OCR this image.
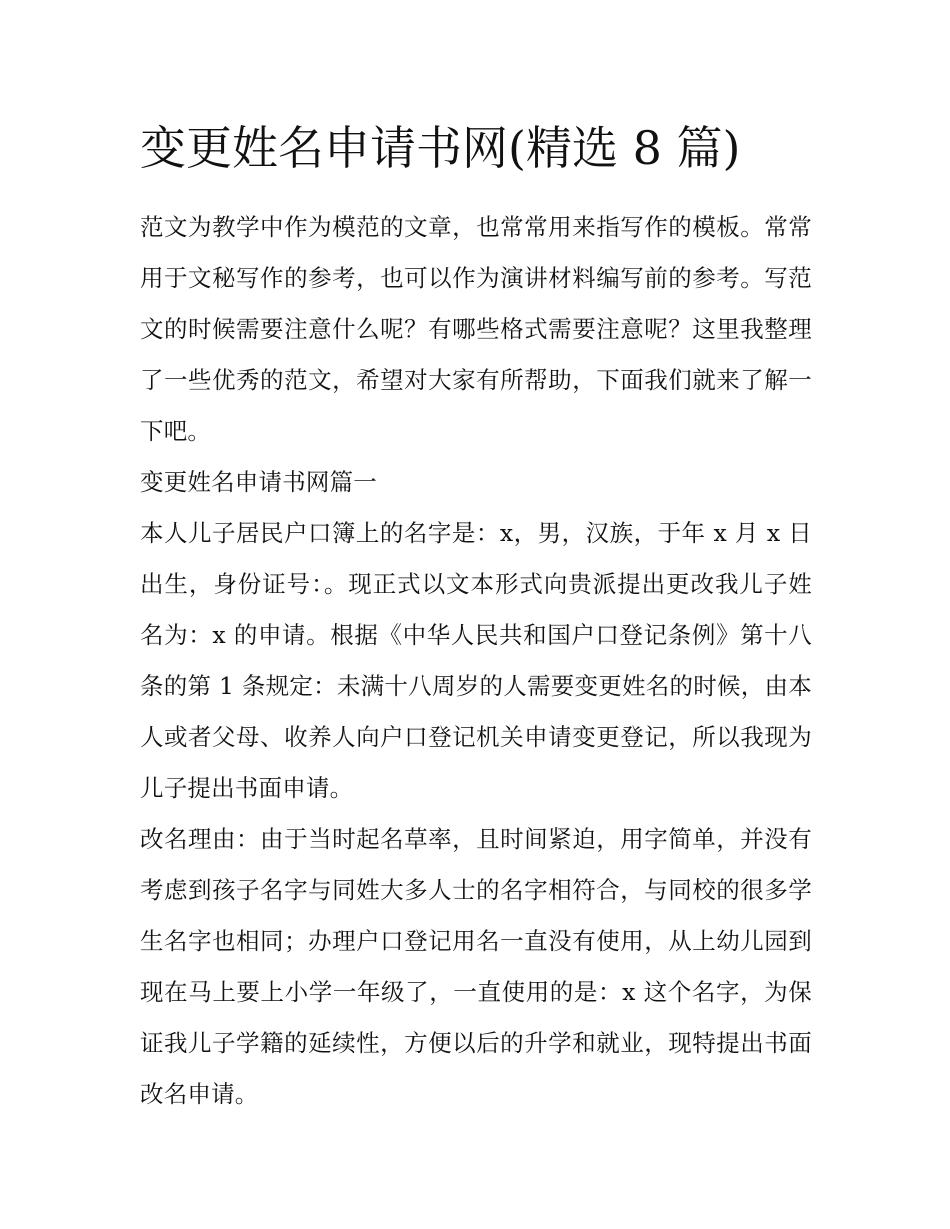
变更姓名申请书网(精选 8 篇)

范文为教学中作为模范的文章，也常常用来指写作的模板。常常用于文秘写作的参考，也可以作为演讲材料编写前的参考。写范文的时候需要注意什么呢？有哪些格式需要注意呢？这里我整理了一些优秀的范文，希望对大家有所帮助，下面我们就来了解一下吧。

变更姓名申请书网篇一

本人儿子居民户口簿上的名字是：x，男，汉族，于年 x 月 x 日出生，身份证号：。现正式以文本形式向贵派提出更改我儿子姓名为：x 的申请。根据《中华人民共和国户口登记条例》第十八条的第 1 条规定：未满十八周岁的人需要变更姓名的时候，由本人或者父母、收养人向户口登记机关申请变更登记，所以我现为儿子提出书面申请。

改名理由：由于当时起名草率，且时间紧迫，用字简单，并没有考虑到孩子名字与同姓大多人士的名字相符合，与同校的很多学生名字也相同；办理户口登记用名一直没有使用，从上幼儿园到现在马上要上小学一年级了，一直使用的是：x 这个名字，为保证我儿子学籍的延续性，方便以后的升学和就业，现特提出书面改名申请。
